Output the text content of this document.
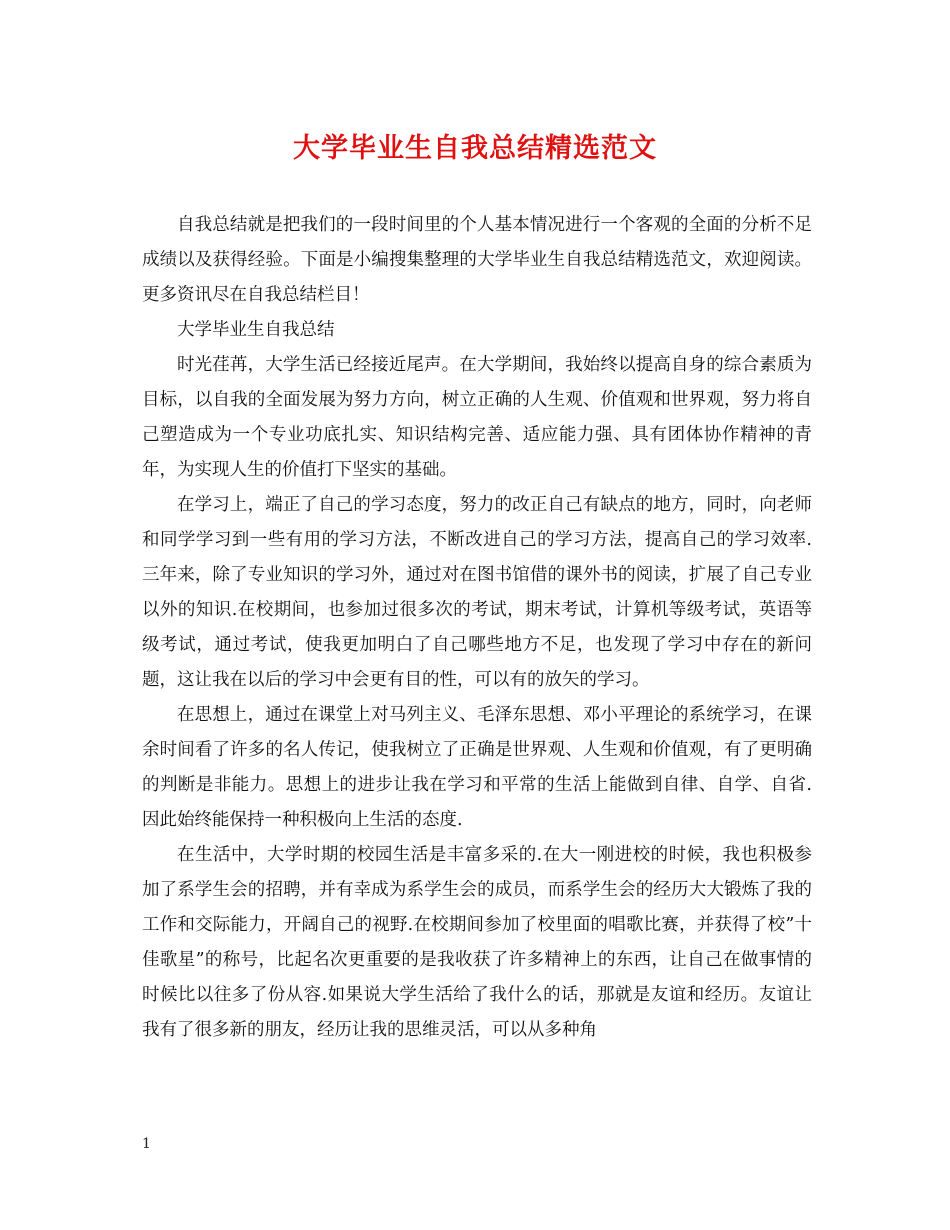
大学毕业生自我总结精选范文

自我总结就是把我们的一段时间里的个人基本情况进行一个客观的全面的分析不足成绩以及获得经验。下面是小编搜集整理的大学毕业生自我总结精选范文，欢迎阅读。更多资讯尽在自我总结栏目！

大学毕业生自我总结

时光荏苒，大学生活已经接近尾声。在大学期间，我始终以提高自身的综合素质为目标，以自我的全面发展为努力方向，树立正确的人生观、价值观和世界观，努力将自己塑造成为一个专业功底扎实、知识结构完善、适应能力强、具有团体协作精神的青年，为实现人生的价值打下坚实的基础。

在学习上，端正了自己的学习态度，努力的改正自己有缺点的地方，同时，向老师和同学学习到一些有用的学习方法，不断改进自己的学习方法，提高自己的学习效率.三年来，除了专业知识的学习外，通过对在图书馆借的课外书的阅读，扩展了自己专业以外的知识.在校期间，也参加过很多次的考试，期末考试，计算机等级考试，英语等级考试，通过考试，使我更加明白了自己哪些地方不足，也发现了学习中存在的新问题，这让我在以后的学习中会更有目的性，可以有的放矢的学习。

在思想上，通过在课堂上对马列主义、毛泽东思想、邓小平理论的系统学习，在课余时间看了许多的名人传记，使我树立了正确是世界观、人生观和价值观，有了更明确的判断是非能力。思想上的进步让我在学习和平常的生活上能做到自律、自学、自省.因此始终能保持一种积极向上生活的态度.

在生活中，大学时期的校园生活是丰富多采的.在大一刚进校的时候，我也积极参加了系学生会的招聘，并有幸成为系学生会的成员，而系学生会的经历大大锻炼了我的工作和交际能力，开阔自己的视野.在校期间参加了校里面的唱歌比赛，并获得了校”十佳歌星”的称号，比起名次更重要的是我收获了许多精神上的东西，让自己在做事情的时候比以往多了份从容.如果说大学生活给了我什么的话，那就是友谊和经历。友谊让我有了很多新的朋友，经历让我的思维灵活，可以从多种角

1
